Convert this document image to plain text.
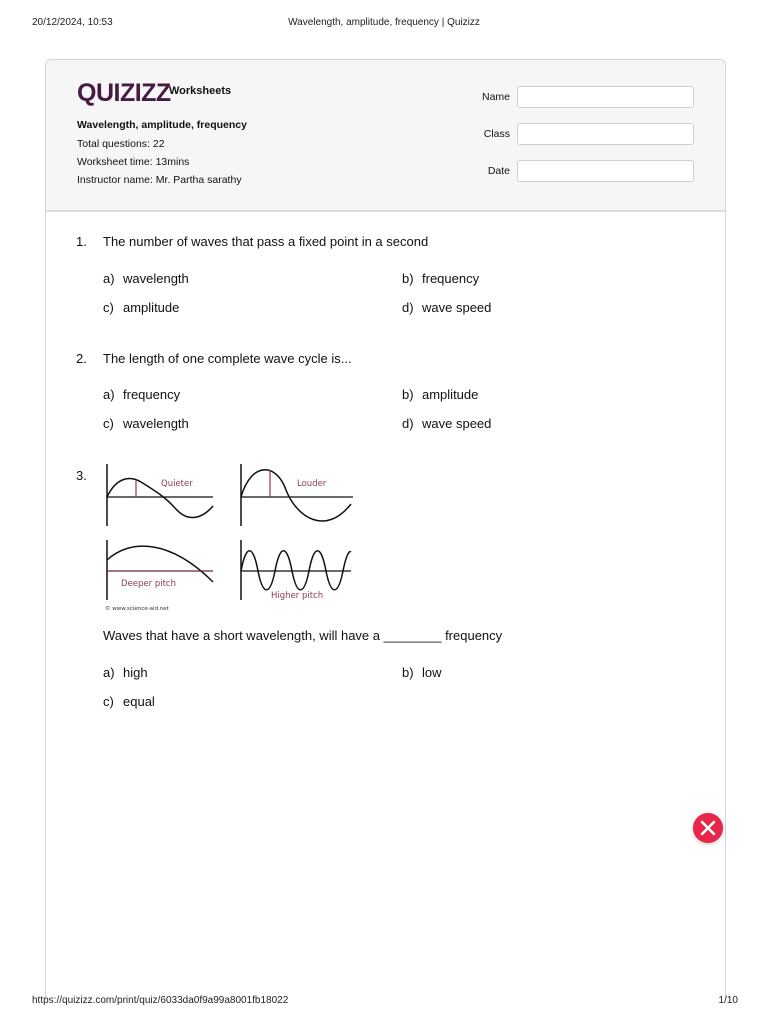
20/12/2024, 10:53	Wavelength, amplitude, frequency | Quizizz
QUIZIZZ
Worksheets
Wavelength, amplitude, frequency
Total questions: 22
Worksheet time: 13mins
Instructor name: Mr. Partha sarathy
Name
Class
Date
1. The number of waves that pass a fixed point in a second
a) wavelength	b) frequency
c) amplitude	d) wave speed
2. The length of one complete wave cycle is...
a) frequency	b) amplitude
c) wavelength	d) wave speed
3.
Quieter	Louder
Deeper pitch
Higher pitch
© www.science-aid.net
Waves that have a short wavelength, will have a ________ frequency
a) high	b) low
c) equal
https://quizizz.com/print/quiz/6033da0f9a99a8001fb18022	1/10
